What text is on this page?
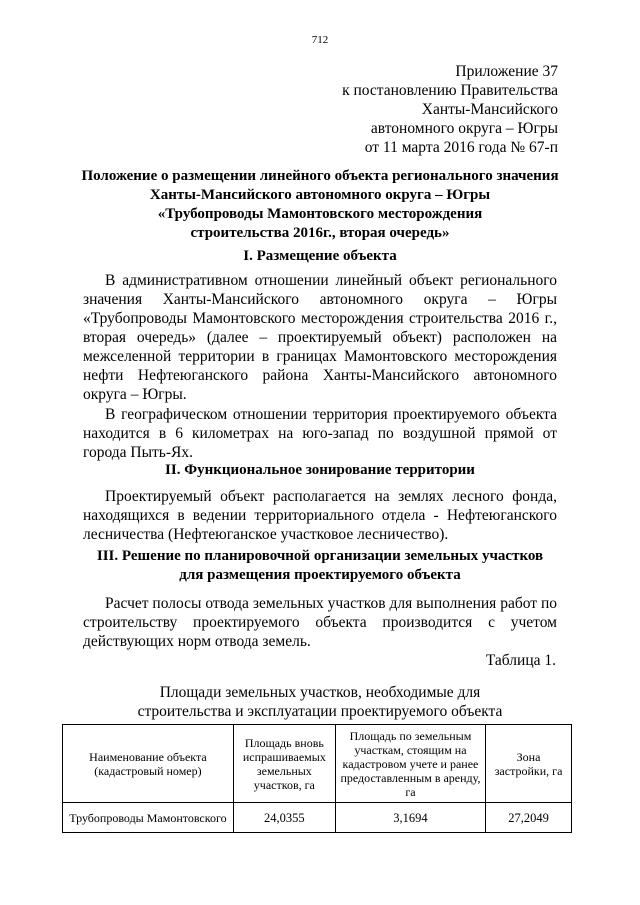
712
Приложение 37
к постановлению Правительства
Ханты-Мансийского
автономного округа – Югры
от 11 марта 2016 года № 67-п
Положение о размещении линейного объекта регионального значения
Ханты-Мансийского автономного округа – Югры
«Трубопроводы Мамонтовского месторождения
строительства 2016г., вторая очередь»
I. Размещение объекта
В административном отношении линейный объект регионального значения Ханты-Мансийского автономного округа – Югры «Трубопроводы Мамонтовского месторождения строительства 2016 г., вторая очередь» (далее – проектируемый объект) расположен на межселенной территории в границах Мамонтовского месторождения нефти Нефтеюганского района Ханты-Мансийского автономного округа – Югры.
В географическом отношении территория проектируемого объекта находится в 6 километрах на юго-запад по воздушной прямой от города Пыть-Ях.
II. Функциональное зонирование территории
Проектируемый объект располагается на землях лесного фонда, находящихся в ведении территориального отдела - Нефтеюганского лесничества (Нефтеюганское участковое лесничество).
III. Решение по планировочной организации земельных участков
для размещения проектируемого объекта
Расчет полосы отвода земельных участков для выполнения работ по строительству проектируемого объекта производится с учетом действующих норм отвода земель.
Таблица 1.
Площади земельных участков, необходимые для
строительства и эксплуатации проектируемого объекта
Наименование объекта (кадастровый номер)	Площадь вновь испрашиваемых земельных участков, га	Площадь по земельным участкам, стоящим на кадастровом учете и ранее предоставленным в аренду, га	Зона застройки, га
Трубопроводы Мамонтовского	24,0355	3,1694	27,2049
